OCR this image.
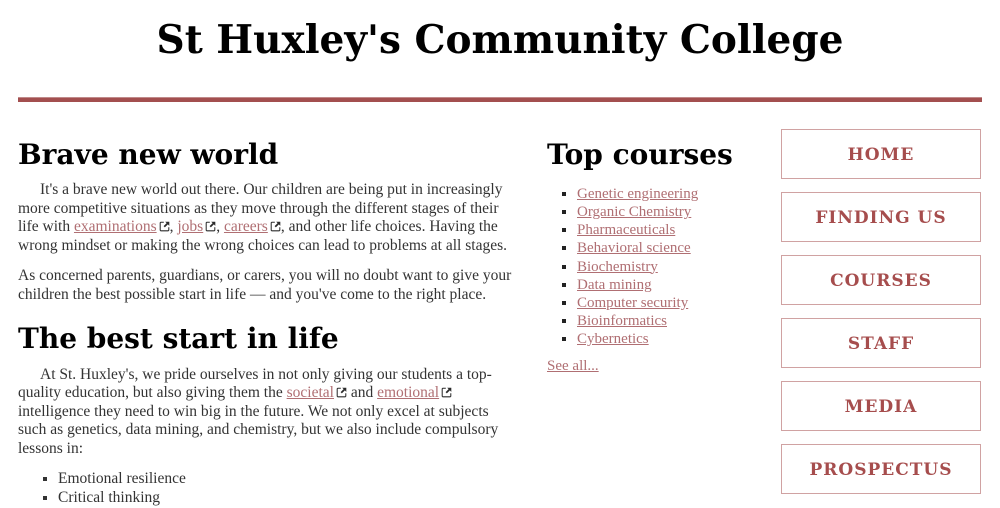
St Huxley's Community College
Brave new world

It's a brave new world out there. Our children are being put in increasingly more competitive situations as they move through the different stages of their life with examinations , jobs , careers , and other life choices. Having the wrong mindset or making the wrong choices can lead to problems at all stages.

As concerned parents, guardians, or carers, you will no doubt want to give your children the best possible start in life — and you've come to the right place.

The best start in life

At St. Huxley's, we pride ourselves in not only giving our students a top-quality education, but also giving them the societal and emotional intelligence they need to win big in the future. We not only excel at subjects such as genetics, data mining, and chemistry, but we also include compulsory lessons in:

▪ Emotional resilience
▪ Critical thinking
Top courses
▪ Genetic engineering
▪ Organic Chemistry
▪ Pharmaceuticals
▪ Behavioral science
▪ Biochemistry
▪ Data mining
▪ Computer security
▪ Bioinformatics
▪ Cybernetics

See all...

HOME
FINDING US
COURSES
STAFF
MEDIA
PROSPECTUS
